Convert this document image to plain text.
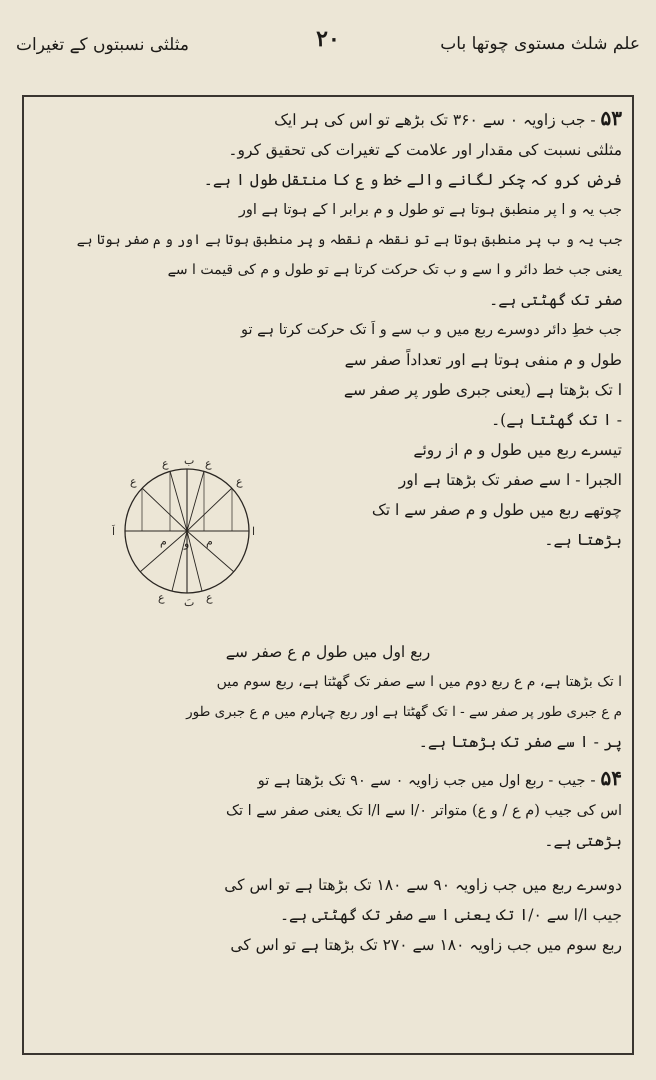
علم شلث مستوی چوتھا باب
۲۰
مثلثی نسبتوں کے تغیرات

۵۳ - جب زاویہ ۰ سے ۳۶۰ تک بڑھے تو اس کی ہر ایک

مثلثی نسبت کی مقدار اور علامت کے تغیرات کی تحقیق کرو۔

فرض کرو کہ چکر لگانے والے خط و ع کا منتقل طول ا ہے۔

جب یہ و ا پر منطبق ہوتا ہے تو طول و م برابر ا کے ہوتا ہے اور

جب یہ و ب پر منطبق ہوتا ہے تو نقطہ م نقطہ و پر منطبق ہوتا ہے اور و م صفر ہوتا ہے

یعنی جب خط دائر و ا سے و ب تک حرکت کرتا ہے تو طول و م کی قیمت ا سے

صفر تک گھٹتی ہے۔

جب خطِ دائر دوسرے ربع میں و ب سے و اَ تک حرکت کرتا ہے تو

طول و م منفی ہوتا ہے اور تعداداً صفر سے

ا تک بڑھتا ہے (یعنی جبری طور پر صفر سے

- ا تک گھٹتا ہے)۔

تیسرے ربع میں طول و م از روئے

الجبرا - ا سے صفر تک بڑھتا ہے اور

چوتھے ربع میں طول و م صفر سے ا تک

بڑھتا ہے۔

ب
ع	ع
ع	ع
ا
اَ
م
م و
ع	ع
بَ

ربع اول میں طول م ع صفر سے

ا تک بڑھتا ہے، م ع ربع دوم میں ا سے صفر تک گھٹتا ہے، ربع سوم میں

م ع جبری طور پر صفر سے - ا تک گھٹتا ہے اور ربع چہارم میں م ع جبری طور

پر - ا سے صفر تک بڑھتا ہے۔

۵۴ - جیب - ربع اول میں جب زاویہ ۰ سے ۹۰ تک بڑھتا ہے تو

اس کی جیب (م ع / و ع) متواتر ۰/ا سے ا/ا تک یعنی صفر سے ا تک

بڑھتی ہے۔

دوسرے ربع میں جب زاویہ ۹۰ سے ۱۸۰ تک بڑھتا ہے تو اس کی

جیب ا/ا سے ۰/ا تک یعنی ا سے صفر تک گھٹتی ہے۔

ربع سوم میں جب زاویہ ۱۸۰ سے ۲۷۰ تک بڑھتا ہے تو اس کی
